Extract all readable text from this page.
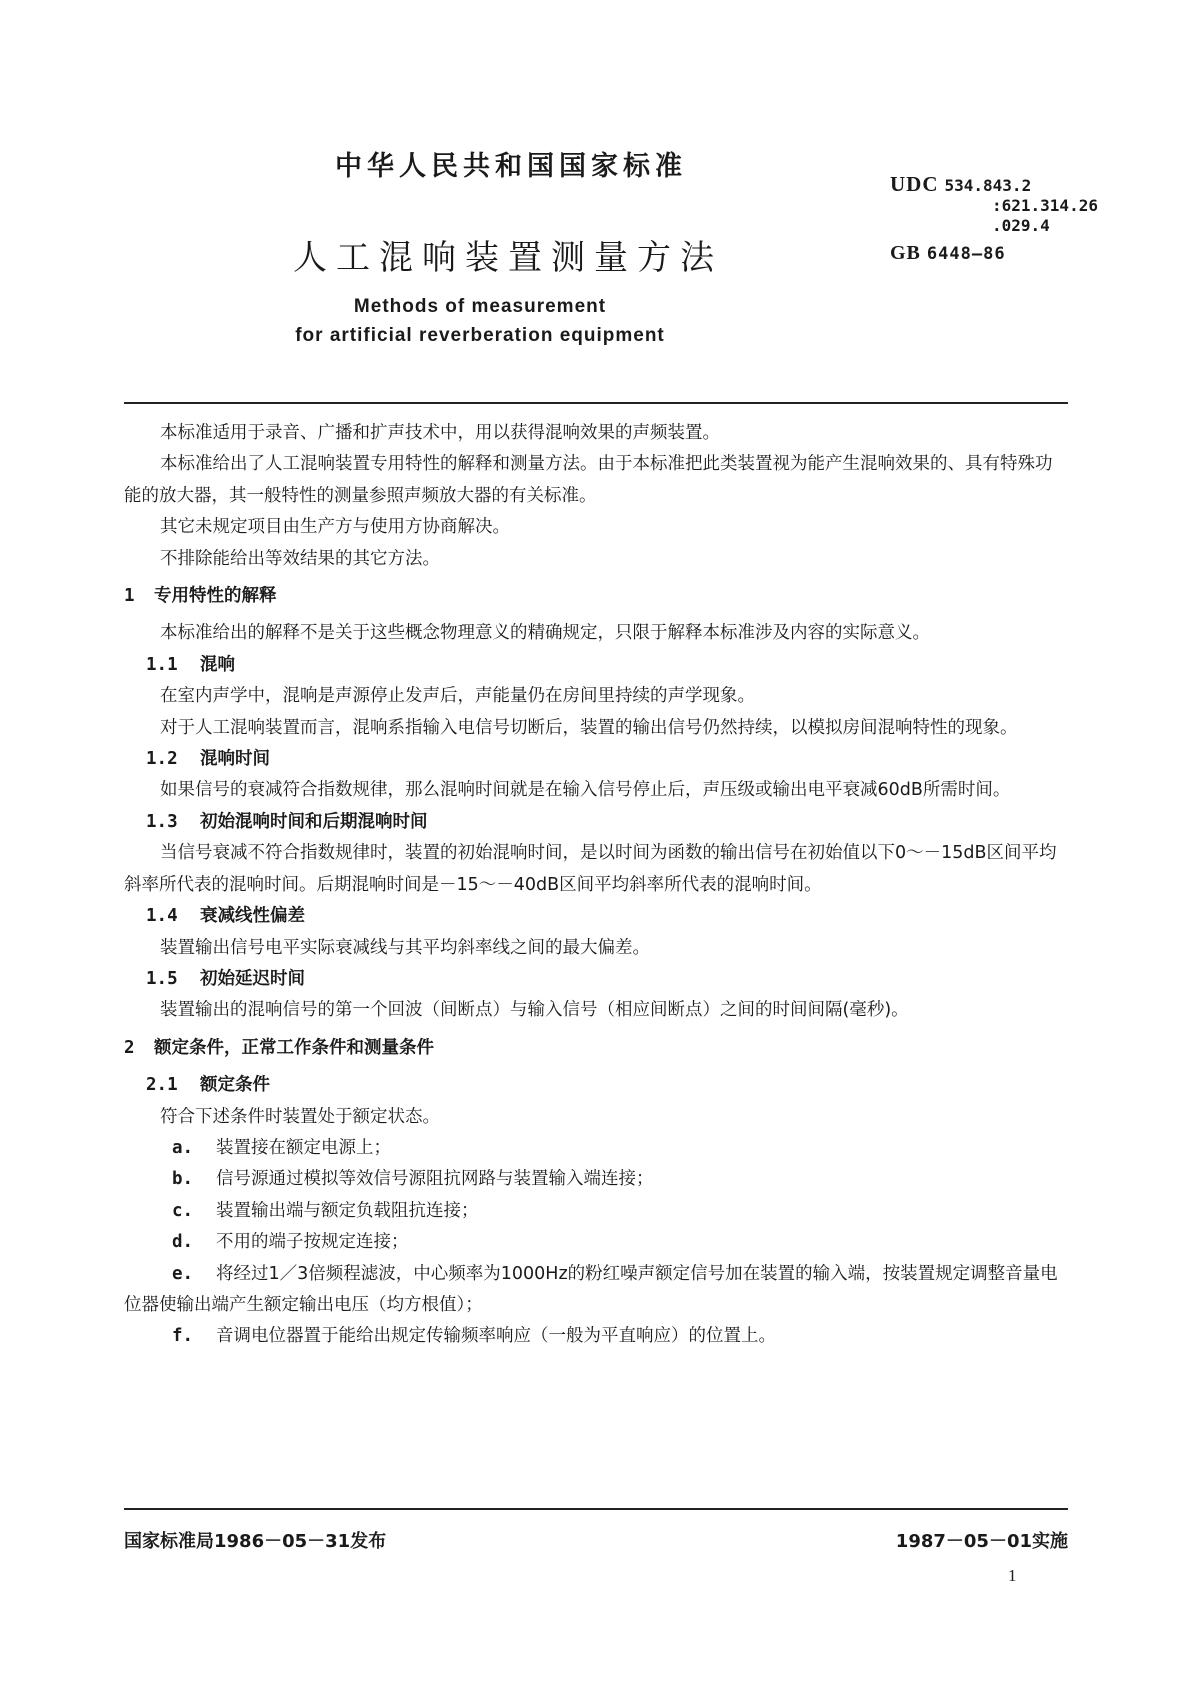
中华人民共和国国家标准
人工混响装置测量方法
Methods of measurement
for artificial reverberation equipment
UDC 534.843.2
:621.314.26
.029.4
GB 6448—86

本标准适用于录音、广播和扩声技术中，用以获得混响效果的声频装置。

本标准给出了人工混响装置专用特性的解释和测量方法。由于本标准把此类装置视为能产生混响效果的、具有特殊功能的放大器，其一般特性的测量参照声频放大器的有关标准。

其它未规定项目由生产方与使用方协商解决。

不排除能给出等效结果的其它方法。

1 专用特性的解释

本标准给出的解释不是关于这些概念物理意义的精确规定，只限于解释本标准涉及内容的实际意义。

1.1 混响

在室内声学中，混响是声源停止发声后，声能量仍在房间里持续的声学现象。

对于人工混响装置而言，混响系指输入电信号切断后，装置的输出信号仍然持续，以模拟房间混响特性的现象。

1.2 混响时间

如果信号的衰减符合指数规律，那么混响时间就是在输入信号停止后，声压级或输出电平衰减60dB所需时间。

1.3 初始混响时间和后期混响时间

当信号衰减不符合指数规律时，装置的初始混响时间，是以时间为函数的输出信号在初始值以下0～－15dB区间平均斜率所代表的混响时间。后期混响时间是－15～－40dB区间平均斜率所代表的混响时间。

1.4 衰减线性偏差

装置输出信号电平实际衰减线与其平均斜率线之间的最大偏差。

1.5 初始延迟时间

装置输出的混响信号的第一个回波（间断点）与输入信号（相应间断点）之间的时间间隔(毫秒)。

2 额定条件，正常工作条件和测量条件

2.1 额定条件

符合下述条件时装置处于额定状态。

a. 装置接在额定电源上；

b. 信号源通过模拟等效信号源阻抗网路与装置输入端连接；

c. 装置输出端与额定负载阻抗连接；

d. 不用的端子按规定连接；

e. 将经过1／3倍频程滤波，中心频率为1000Hz的粉红噪声额定信号加在装置的输入端，按装置规定调整音量电位器使输出端产生额定输出电压（均方根值）；

f. 音调电位器置于能给出规定传输频率响应（一般为平直响应）的位置上。

国家标准局1986－05－31发布	1987－05－01实施
1
